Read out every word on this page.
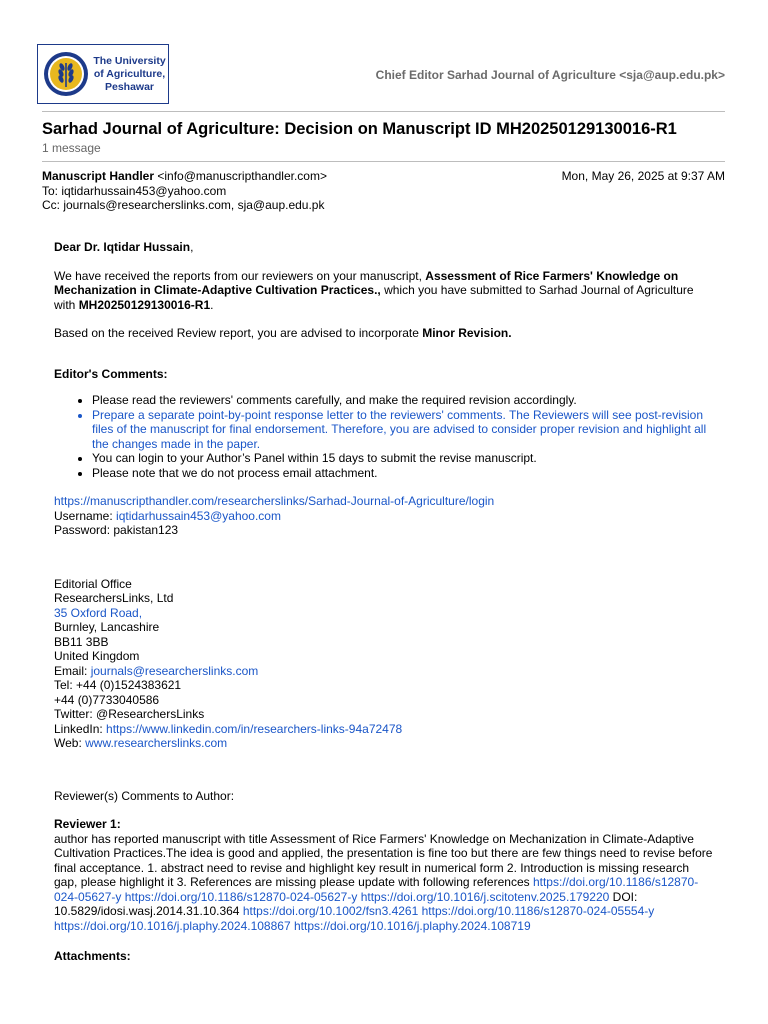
The University
of Agriculture,
Peshawar
Chief Editor Sarhad Journal of Agriculture <sja@aup.edu.pk>
Sarhad Journal of Agriculture: Decision on Manuscript ID MH20250129130016-R1
1 message
Manuscript Handler <info@manuscripthandler.com>
To: iqtidarhussain453@yahoo.com
Cc: journals@researcherslinks.com, sja@aup.edu.pk
Mon, May 26, 2025 at 9:37 AM

Dear Dr. Iqtidar Hussain,

We have received the reports from our reviewers on your manuscript, Assessment of Rice Farmers' Knowledge on Mechanization in Climate-Adaptive Cultivation Practices., which you have submitted to Sarhad Journal of Agriculture with MH20250129130016-R1.

Based on the received Review report, you are advised to incorporate Minor Revision.

Editor's Comments:

• Please read the reviewers' comments carefully, and make the required revision accordingly.
• Prepare a separate point-by-point response letter to the reviewers' comments. The Reviewers will see post-revision files of the manuscript for final endorsement. Therefore, you are advised to consider proper revision and highlight all the changes made in the paper.
• You can login to your Author’s Panel within 15 days to submit the revise manuscript.
• Please note that we do not process email attachment.

https://manuscripthandler.com/researcherslinks/Sarhad-Journal-of-Agriculture/login
Username: iqtidarhussain453@yahoo.com
Password: pakistan123

Editorial Office
ResearchersLinks, Ltd
35 Oxford Road,
Burnley, Lancashire
BB11 3BB
United Kingdom
Email: journals@researcherslinks.com
Tel: +44 (0)1524383621
+44 (0)7733040586
Twitter: @ResearchersLinks
LinkedIn: https://www.linkedin.com/in/researchers-links-94a72478
Web: www.researcherslinks.com

Reviewer(s) Comments to Author:

Reviewer 1:

author has reported manuscript with title Assessment of Rice Farmers' Knowledge on Mechanization in Climate-Adaptive Cultivation Practices.The idea is good and applied, the presentation is fine too but there are few things need to revise before final acceptance. 1. abstract need to revise and highlight key result in numerical form 2. Introduction is missing research gap, please highlight it 3. References are missing please update with following references https://doi.org/10.1186/s12870-024-05627-y https://doi.org/10.1186/s12870-024-05627-y https://doi.org/10.1016/j.scitotenv.2025.179220 DOI: 10.5829/idosi.wasj.2014.31.10.364 https://doi.org/10.1002/fsn3.4261 https://doi.org/10.1186/s12870-024-05554-y https://doi.org/10.1016/j.plaphy.2024.108867 https://doi.org/10.1016/j.plaphy.2024.108719

Attachments:
